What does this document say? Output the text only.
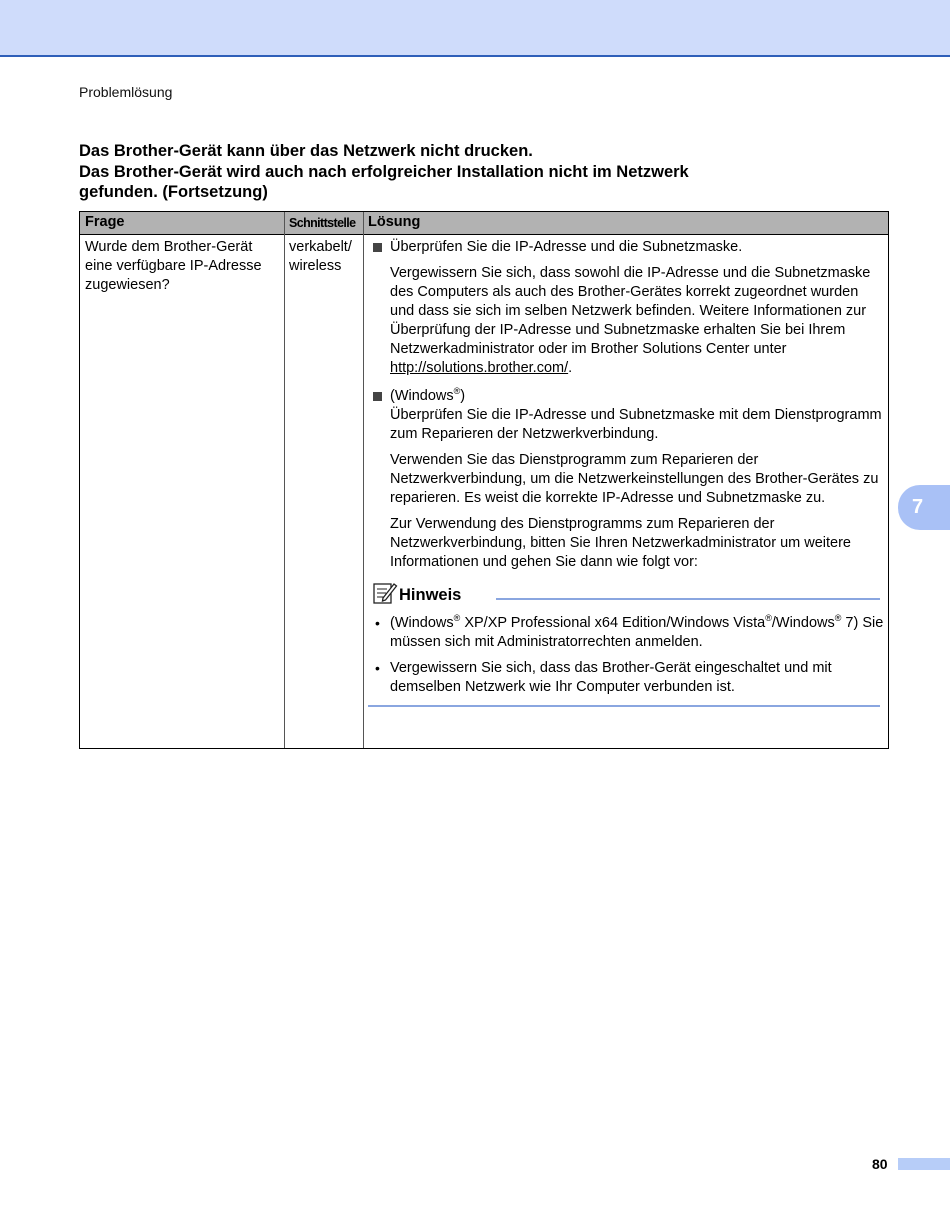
Problemlösung
Das Brother-Gerät kann über das Netzwerk nicht drucken.
Das Brother-Gerät wird auch nach erfolgreicher Installation nicht im Netzwerk
gefunden. (Fortsetzung)
Frage	Schnittstelle Lösung
Wurde dem Brother-Gerät eine verfügbare IP-Adresse zugewiesen?
verkabelt/
wireless
Überprüfen Sie die IP-Adresse und die Subnetzmaske.
Vergewissern Sie sich, dass sowohl die IP-Adresse und die Subnetzmaske des Computers als auch des Brother-Gerätes korrekt zugeordnet wurden und dass sie sich im selben Netzwerk befinden. Weitere Informationen zur Überprüfung der IP-Adresse und Subnetzmaske erhalten Sie bei Ihrem Netzwerkadministrator oder im Brother Solutions Center unter http://solutions.brother.com/.
(Windows®)
Überprüfen Sie die IP-Adresse und Subnetzmaske mit dem Dienstprogramm zum Reparieren der Netzwerkverbindung.
Verwenden Sie das Dienstprogramm zum Reparieren der Netzwerkverbindung, um die Netzwerkeinstellungen des Brother-Gerätes zu reparieren. Es weist die korrekte IP-Adresse und Subnetzmaske zu.
Zur Verwendung des Dienstprogramms zum Reparieren der Netzwerkverbindung, bitten Sie Ihren Netzwerkadministrator um weitere Informationen und gehen Sie dann wie folgt vor:
Hinweis
• (Windows® XP/XP Professional x64 Edition/Windows Vista®/Windows® 7) Sie müssen sich mit Administratorrechten anmelden.
• Vergewissern Sie sich, dass das Brother-Gerät eingeschaltet und mit demselben Netzwerk wie Ihr Computer verbunden ist.
7
80
